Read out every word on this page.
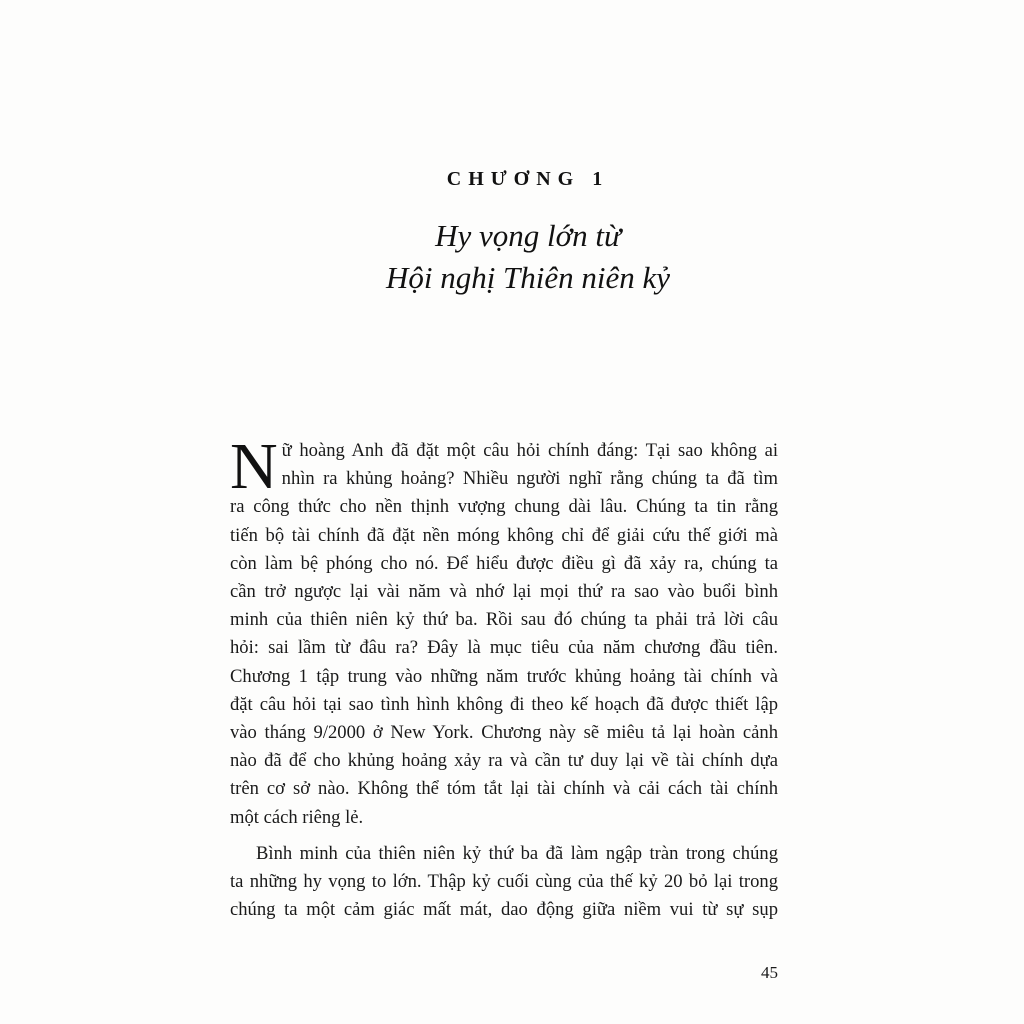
CHƯƠNG 1
Hy vọng lớn từ
Hội nghị Thiên niên kỷ
N ữ hoàng Anh đã đặt một câu hỏi chính đáng: Tại sao không ai
nhìn ra khủng hoảng? Nhiều người nghĩ rằng chúng ta đã tìm
ra công thức cho nền thịnh vượng chung dài lâu. Chúng ta tin rằng
tiến bộ tài chính đã đặt nền móng không chỉ để giải cứu thế giới mà
còn làm bệ phóng cho nó. Để hiểu được điều gì đã xảy ra, chúng ta
cần trở ngược lại vài năm và nhớ lại mọi thứ ra sao vào buổi bình
minh của thiên niên kỷ thứ ba. Rồi sau đó chúng ta phải trả lời câu
hỏi: sai lầm từ đâu ra? Đây là mục tiêu của năm chương đầu tiên.
Chương 1 tập trung vào những năm trước khủng hoảng tài chính và
đặt câu hỏi tại sao tình hình không đi theo kế hoạch đã được thiết lập
vào tháng 9/2000 ở New York. Chương này sẽ miêu tả lại hoàn cảnh
nào đã để cho khủng hoảng xảy ra và cần tư duy lại về tài chính dựa
trên cơ sở nào. Không thể tóm tắt lại tài chính và cải cách tài chính
một cách riêng lẻ.
Bình minh của thiên niên kỷ thứ ba đã làm ngập tràn trong chúng
ta những hy vọng to lớn. Thập kỷ cuối cùng của thế kỷ 20 bỏ lại trong
chúng ta một cảm giác mất mát, dao động giữa niềm vui từ sự sụp
45
